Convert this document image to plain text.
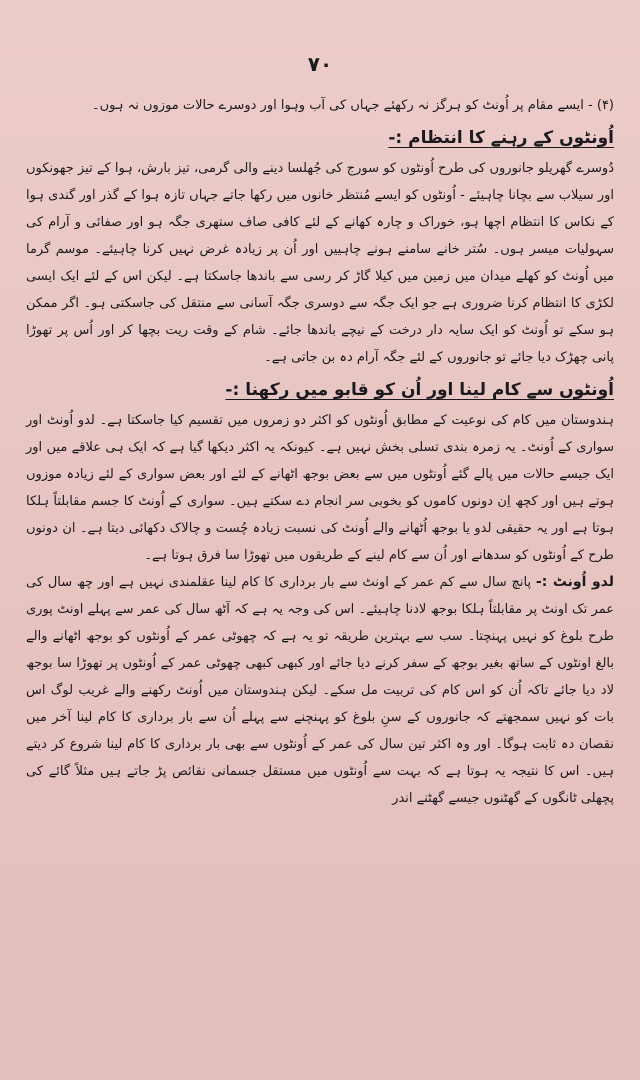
٧٠

(۴) - ایسے مقام پر اُونٹ کو ہرگز نہ رکھئے جہاں کی آب وہوا اور دوسرے حالات موزوں نہ ہوں۔

اُونٹوں کے رہنے کا انتظام :-

دُوسرے گھریلو جانوروں کی طرح اُونٹوں کو سورج کی جُھلسا دینے والی گرمی، تیز بارش، ہوا کے تیز جھونکوں اور سیلاب سے بچانا چاہیئے - اُونٹوں کو ایسے مُنتظر خانوں میں رکھا جاتے جہاں تازہ ہوا کے گذر اور گندی ہوا کے نکاس کا انتظام اچھا ہو، خوراک و چارہ کھانے کے لئے کافی صاف ستھری جگہ ہو اور صفائی و آرام کی سہولیات میسر ہوں۔ سُتر خانے سامنے ہونے چاہییں اور اُن پر زیادہ غرض نہیں کرنا چاہیئے۔ موسم گرما میں اُونٹ کو کھلے میدان میں زمین میں کیلا گاڑ کر رسی سے باندھا جاسکتا ہے۔ لیکن اس کے لئے ایک ایسی لکڑی کا انتظام کرنا ضروری ہے جو ایک جگہ سے دوسری جگہ آسانی سے منتقل کی جاسکتی ہو۔ اگر ممکن ہو سکے تو اُونٹ کو ایک سایہ دار درخت کے نیچے باندھا جائے۔ شام کے وقت ریت بچھا کر اور اُس پر تھوڑا پانی چھڑک دیا جائے تو جانوروں کے لئے جگہ آرام دہ بن جاتی ہے۔

اُونٹوں سے کام لینا اور اُن کو قابو میں رکھنا :-

ہندوستان میں کام کی نوعیت کے مطابق اُونٹوں کو اکثر دو زمروں میں تقسیم کیا جاسکتا ہے۔ لدو اُونٹ اور سواری کے اُونٹ۔ یہ زمرہ بندی تسلی بخش نہیں ہے۔ کیونکہ یہ اکثر دیکھا گیا ہے کہ ایک ہی علاقے میں اور ایک جیسے حالات میں پالے گئے اُونٹوں میں سے بعض بوجھ اٹھانے کے لئے اور بعض سواری کے لئے زیادہ موزوں ہوتے ہیں اور کچھ اِن دونوں کاموں کو بخوبی سر انجام دے سکتے ہیں۔ سواری کے اُونٹ کا جسم مقابلتاً ہلکا ہوتا ہے اور یہ حقیقی لدو یا بوجھ اُٹھانے والے اُونٹ کی نسبت زیادہ چُست و چالاک دکھائی دیتا ہے۔ ان دونوں طرح کے اُونٹوں کو سدھانے اور اُن سے کام لینے کے طریقوں میں تھوڑا سا فرق ہوتا ہے۔

لدو اُونٹ :- پانچ سال سے کم عمر کے اونٹ سے بار برداری کا کام لینا عقلمندی نہیں ہے اور چھ سال کی عمر تک اونٹ پر مقابلتاً ہلکا بوجھ لادنا چاہیئے۔ اس کی وجہ یہ ہے کہ آٹھ سال کی عمر سے پہلے اونٹ پوری طرح بلوغ کو نہیں پہنچتا۔ سب سے بہترین طریقہ تو یہ ہے کہ چھوٹی عمر کے اُونٹوں کو بوجھ اٹھانے والے بالغ اونٹوں کے ساتھ بغیر بوجھ کے سفر کرنے دیا جائے اور کبھی کبھی چھوٹی عمر کے اُونٹوں پر تھوڑا سا بوجھ لاد دیا جائے تاکہ اُن کو اس کام کی تربیت مل سکے۔ لیکن ہندوستان میں اُونٹ رکھنے والے غریب لوگ اس بات کو نہیں سمجھتے کہ جانوروں کے سنِ بلوغ کو پہنچنے سے پہلے اُن سے بار برداری کا کام لینا آخر میں نقصان دہ ثابت ہوگا۔ اور وہ اکثر تین سال کی عمر کے اُونٹوں سے بھی بار برداری کا کام لینا شروع کر دیتے ہیں۔ اس کا نتیجہ یہ ہوتا ہے کہ بہت سے اُونٹوں میں مستقل جسمانی نقائص پڑ جاتے ہیں مثلاً گائے کی پچھلی ٹانگوں کے گھٹنوں جیسے گھٹنے اندر
